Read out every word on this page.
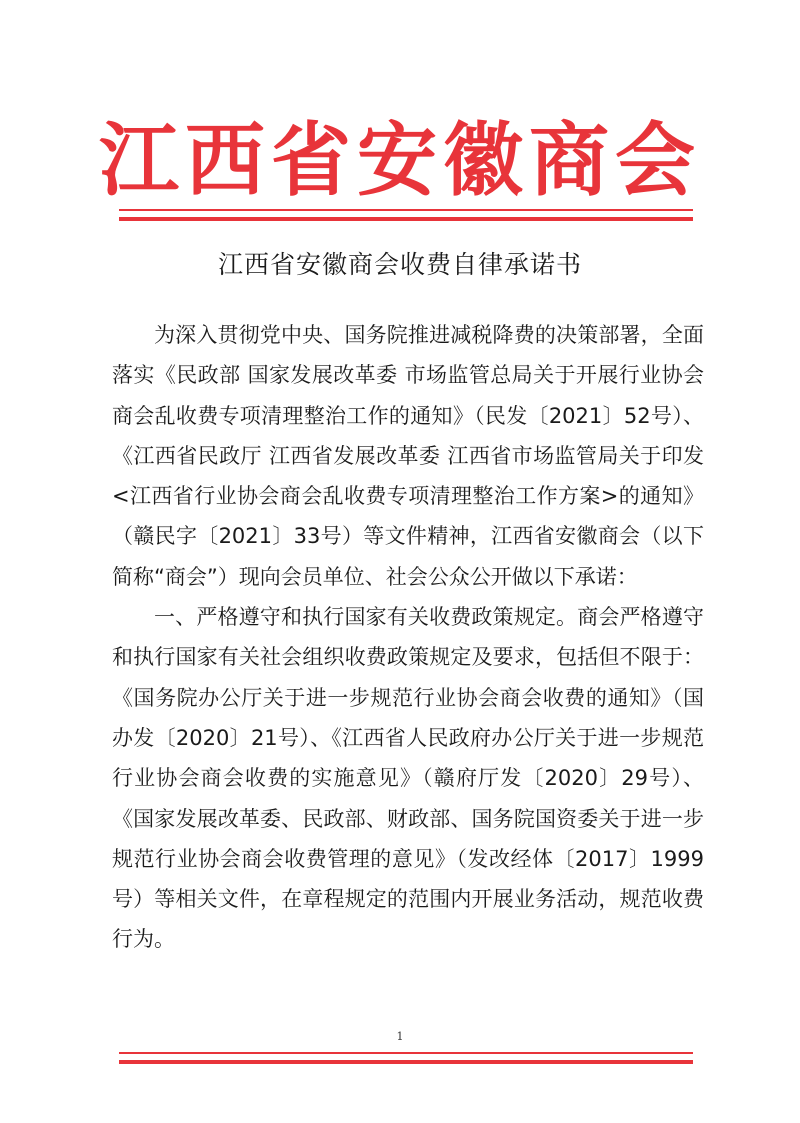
江西省安徽商会
江西省安徽商会收费自律承诺书

为深入贯彻党中央、国务院推进减税降费的决策部署，全面落实《民政部 国家发展改革委 市场监管总局关于开展行业协会商会乱收费专项清理整治工作的通知》（民发〔2021〕52号）、《江西省民政厅 江西省发展改革委 江西省市场监管局关于印发<江西省行业协会商会乱收费专项清理整治工作方案>的通知》（赣民字〔2021〕33号）等文件精神，江西省安徽商会（以下简称“商会”）现向会员单位、社会公众公开做以下承诺：

一、严格遵守和执行国家有关收费政策规定。商会严格遵守和执行国家有关社会组织收费政策规定及要求，包括但不限于：《国务院办公厅关于进一步规范行业协会商会收费的通知》（国办发〔2020〕21号）、《江西省人民政府办公厅关于进一步规范行业协会商会收费的实施意见》（赣府厅发〔2020〕29号）、《国家发展改革委、民政部、财政部、国务院国资委关于进一步规范行业协会商会收费管理的意见》（发改经体〔2017〕1999号）等相关文件，在章程规定的范围内开展业务活动，规范收费行为。

1
